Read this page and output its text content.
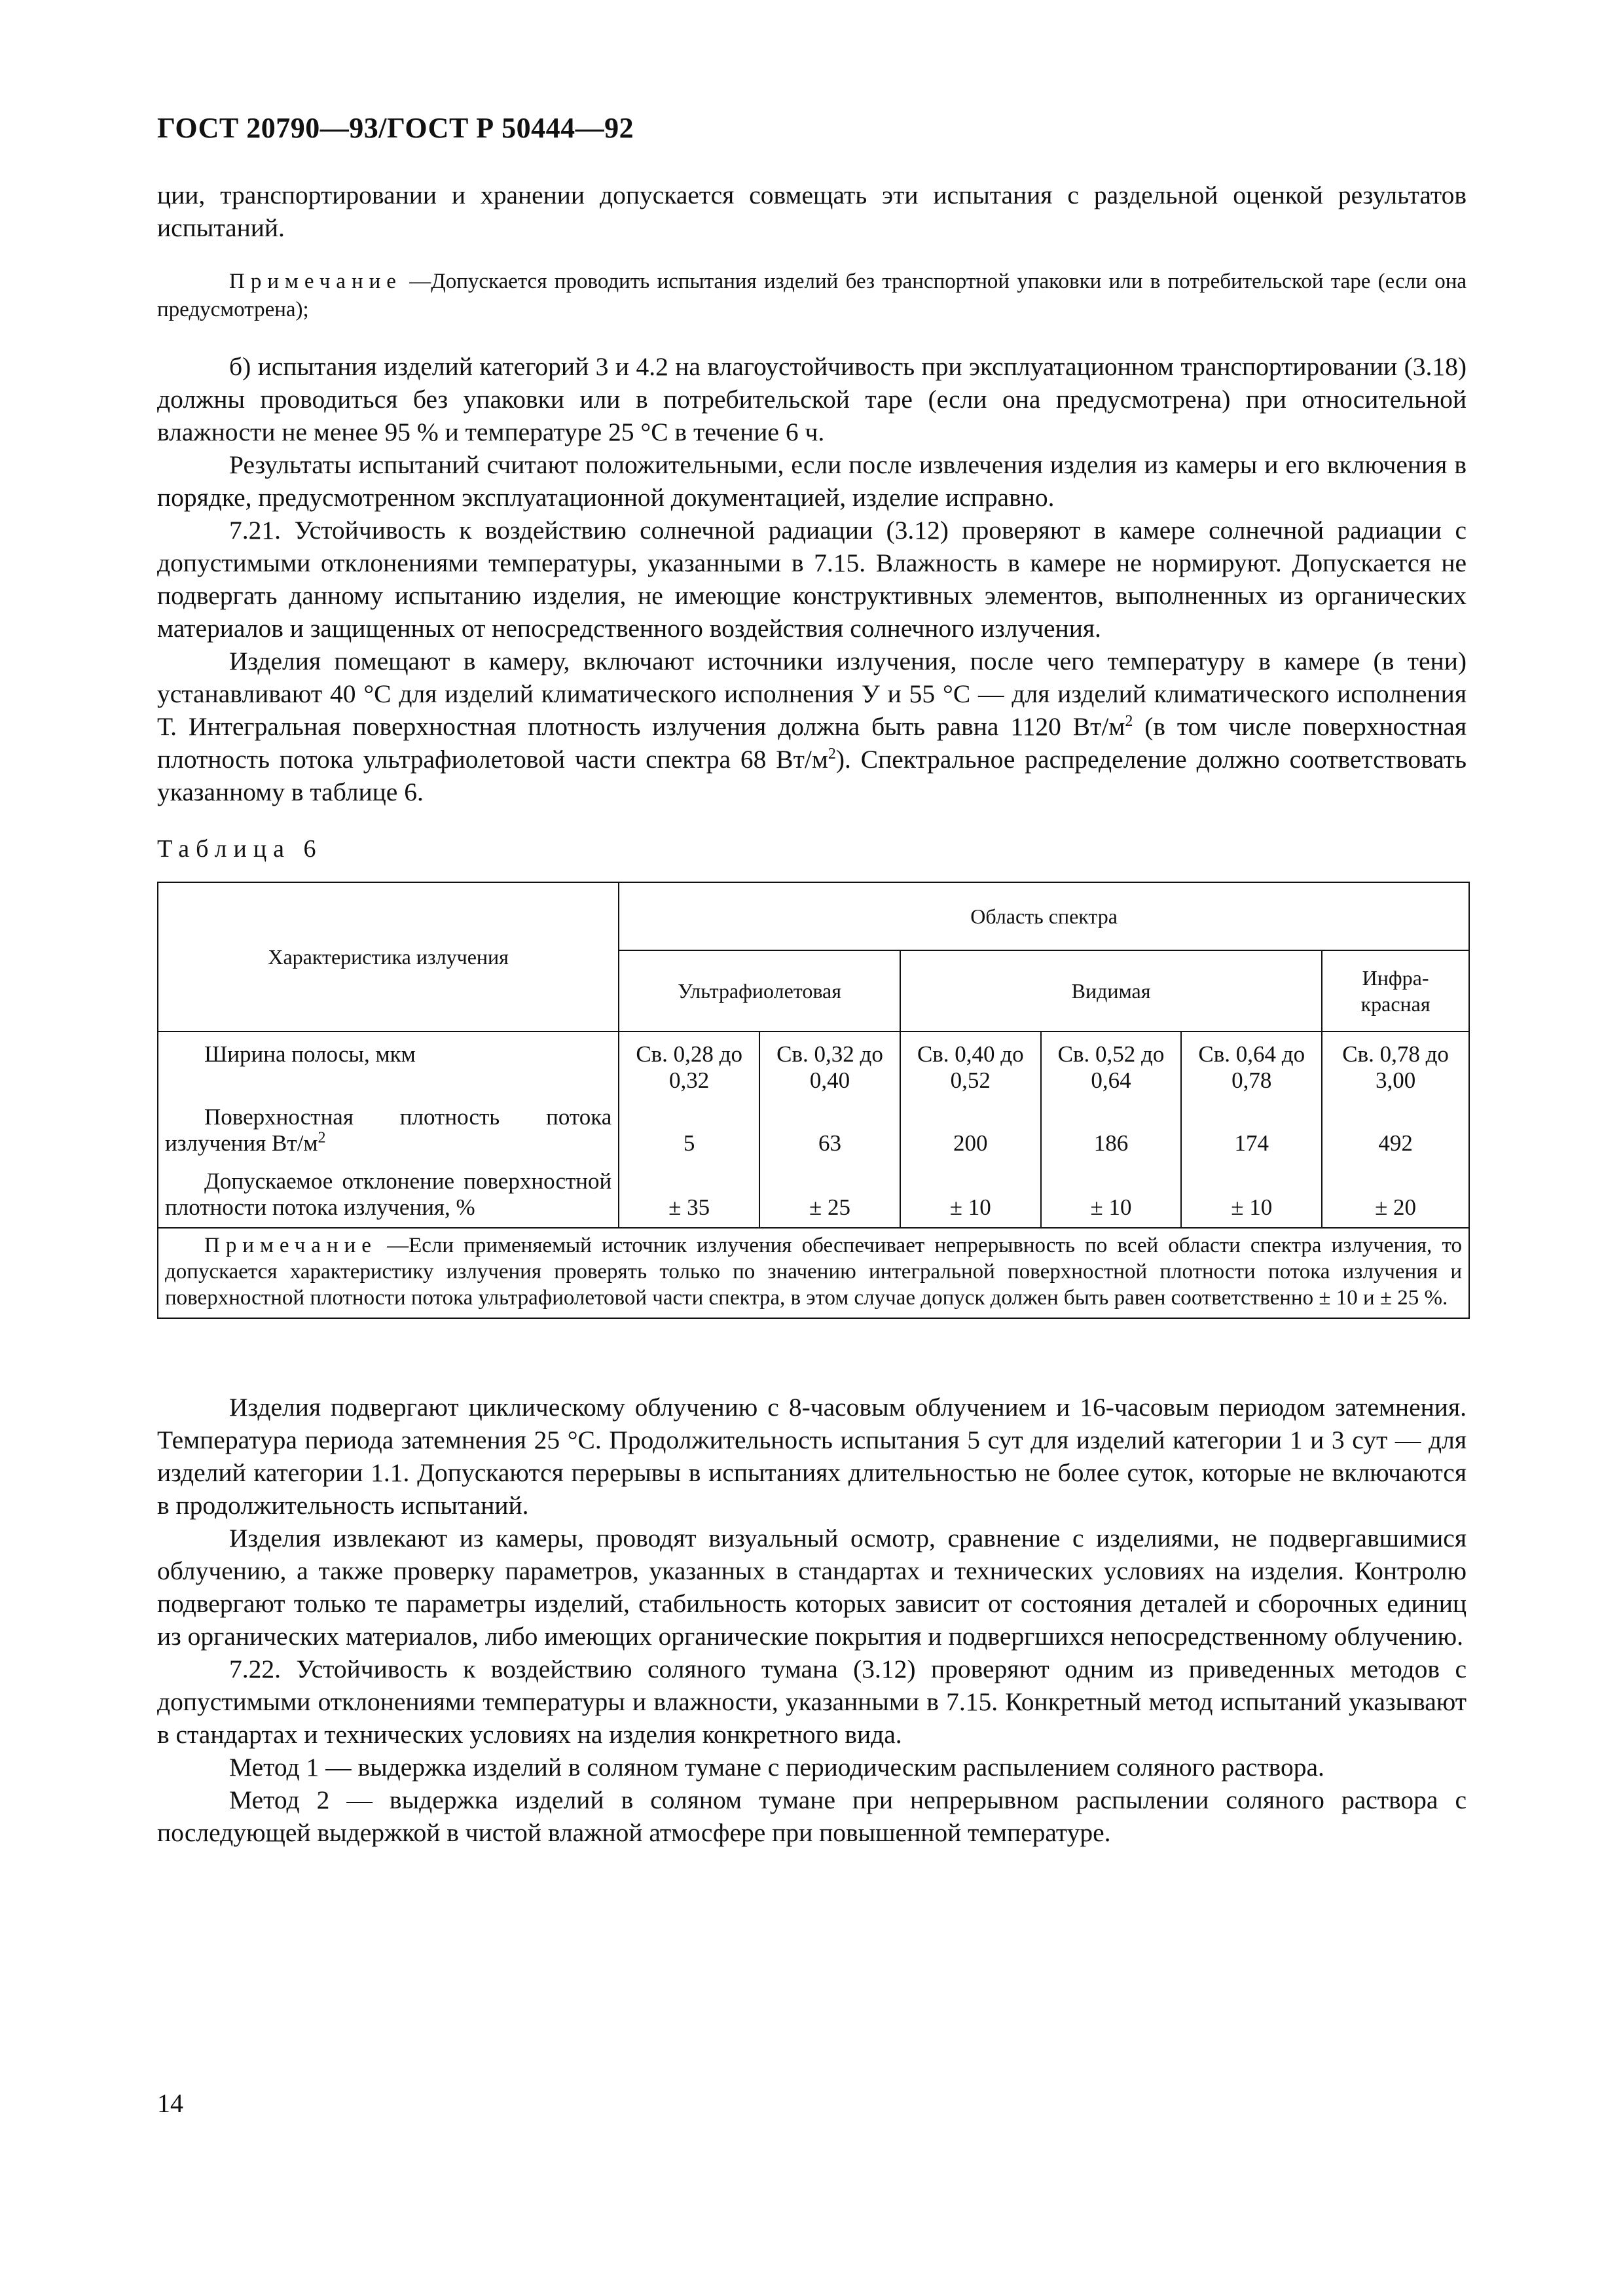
ГОСТ 20790—93/ГОСТ Р 50444—92

ции, транспортировании и хранении допускается совмещать эти испытания с раздельной оценкой результатов испытаний.

Примечание —Допускается проводить испытания изделий без транспортной упаковки или в потребительской таре (если она предусмотрена);

б) испытания изделий категорий 3 и 4.2 на влагоустойчивость при эксплуатационном транспортировании (3.18) должны проводиться без упаковки или в потребительской таре (если она предусмотрена) при относительной влажности не менее 95 % и температуре 25 °С в течение 6 ч.

Результаты испытаний считают положительными, если после извлечения изделия из камеры и его включения в порядке, предусмотренном эксплуатационной документацией, изделие исправно.

7.21. Устойчивость к воздействию солнечной радиации (3.12) проверяют в камере солнечной радиации с допустимыми отклонениями температуры, указанными в 7.15. Влажность в камере не нормируют. Допускается не подвергать данному испытанию изделия, не имеющие конструктивных элементов, выполненных из органических материалов и защищенных от непосредственного воздействия солнечного излучения.

Изделия помещают в камеру, включают источники излучения, после чего температуру в камере (в тени) устанавливают 40 °С для изделий климатического исполнения У и 55 °С — для изделий климатического исполнения Т. Интегральная поверхностная плотность излучения должна быть равна 1120 $Вт/м^2$ (в том числе поверхностная плотность потока ультрафиолетовой части спектра 68 $Вт/м^2$). Спектральное распределение должно соответствовать указанному в таблице 6.

Таблица 6
Характеристика излучения	Область спектра					
	Ультрафиолетовая		Видимая			Инфра-красная
Ширина полосы, мкм	Св. 0,28 до 0,32	Св. 0,32 до 0,40	Св. 0,40 до 0,52	Св. 0,52 до 0,64	Св. 0,64 до 0,78	Св. 0,78 до 3,00
Поверхностная плотность потока излучения $Вт/м^2$	5	63	200	186	174	492
Допускаемое отклонение поверхностной плотности потока излучения, %	± 35	± 25	± 10	± 10	± 10	± 20
Примечание —Если применяемый источник излучения обеспечивает непрерывность по всей области спектра излучения, то допускается характеристику излучения проверять только по значению интегральной поверхностной плотности потока излучения и поверхностной плотности потока ультрафиолетовой части спектра, в этом случае допуск должен быть равен соответственно ± 10 и ± 25 %.						

Изделия подвергают циклическому облучению с 8-часовым облучением и 16-часовым периодом затемнения. Температура периода затемнения 25 °С. Продолжительность испытания 5 сут для изделий категории 1 и 3 сут — для изделий категории 1.1. Допускаются перерывы в испытаниях длительностью не более суток, которые не включаются в продолжительность испытаний.

Изделия извлекают из камеры, проводят визуальный осмотр, сравнение с изделиями, не подвергавшимися облучению, а также проверку параметров, указанных в стандартах и технических условиях на изделия. Контролю подвергают только те параметры изделий, стабильность которых зависит от состояния деталей и сборочных единиц из органических материалов, либо имеющих органические покрытия и подвергшихся непосредственному облучению.

7.22. Устойчивость к воздействию соляного тумана (3.12) проверяют одним из приведенных методов с допустимыми отклонениями температуры и влажности, указанными в 7.15. Конкретный метод испытаний указывают в стандартах и технических условиях на изделия конкретного вида.

Метод 1 — выдержка изделий в соляном тумане с периодическим распылением соляного раствора.

Метод 2 — выдержка изделий в соляном тумане при непрерывном распылении соляного раствора с последующей выдержкой в чистой влажной атмосфере при повышенной температуре.

14
